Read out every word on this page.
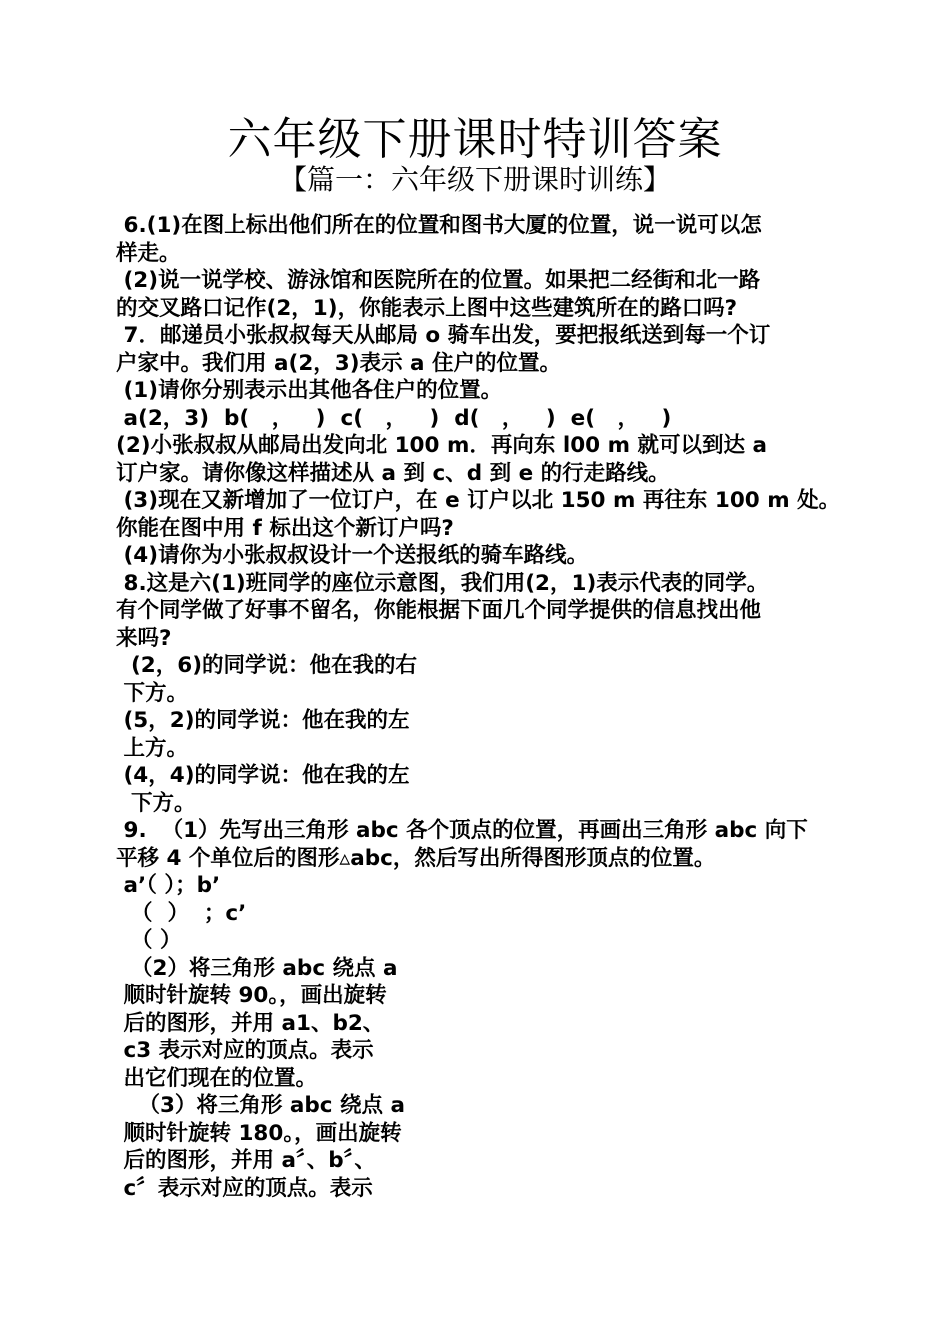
六年级下册课时特训答案
【篇一：六年级下册课时训练】
6.(1)在图上标出他们所在的位置和图书大厦的位置，说一说可以怎
样走。
(2)说一说学校、游泳馆和医院所在的位置。如果把二经街和北一路
的交叉路口记作(2，1)，你能表示上图中这些建筑所在的路口吗?
7．邮递员小张叔叔每天从邮局 o 骑车出发，要把报纸送到每一个订
户家中。我们用 a(2，3)表示 a 住户的位置。
(1)请你分别表示出其他各住户的位置。
a(2，3)  b(   ，   )  c(   ，   )  d(   ，   )  e(   ，   )
(2)小张叔叔从邮局出发向北 100 m．再向东 l00 m 就可以到达 a
订户家。请你像这样描述从 a 到 c、d 到 e 的行走路线。
(3)现在又新增加了一位订户，在 e 订户以北 150 m 再往东 100 m 处。
你能在图中用 f 标出这个新订户吗?
(4)请你为小张叔叔设计一个送报纸的骑车路线。
8.这是六(1)班同学的座位示意图，我们用(2，1)表示代表的同学。
有个同学做了好事不留名，你能根据下面几个同学提供的信息找出他
来吗?
(2，6)的同学说：他在我的右
下方。
(5，2)的同学说：他在我的左
上方。
(4，4)的同学说：他在我的左
下方。
9.  （1）先写出三角形 abc 各个顶点的位置，再画出三角形 abc 向下
平移 4 个单位后的图形▵abc，然后写出所得图形顶点的位置。
a’（ ）；b’
（  ）  ；c’
（ ）
（2）将三角形 abc 绕点 a
顺时针旋转 90。，画出旋转
后的图形，并用 a1、b2、
c3 表示对应的顶点。表示
出它们现在的位置。
（3）将三角形 abc 绕点 a
顺时针旋转 180。，画出旋转
后的图形，并用 a〞、b〞、
c〞表示对应的顶点。表示
